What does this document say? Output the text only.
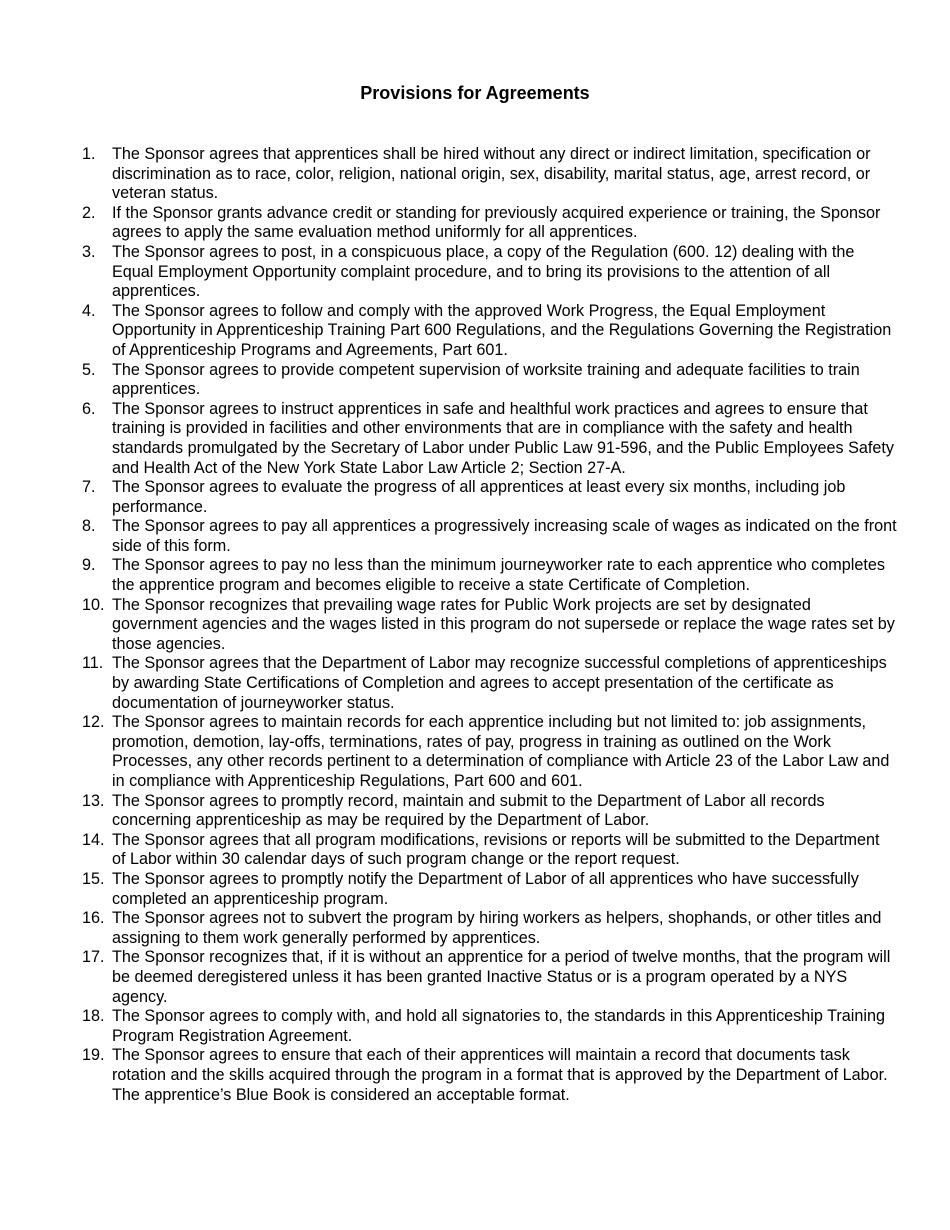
Provisions for Agreements
1.	The Sponsor agrees that apprentices shall be hired without any direct or indirect limitation, specification or discrimination as to race, color, religion, national origin, sex, disability, marital status, age, arrest record, or veteran status.
2.	If the Sponsor grants advance credit or standing for previously acquired experience or training, the Sponsor agrees to apply the same evaluation method uniformly for all apprentices.
3.	The Sponsor agrees to post, in a conspicuous place, a copy of the Regulation (600. 12) dealing with the Equal Employment Opportunity complaint procedure, and to bring its provisions to the attention of all apprentices.
4.	The Sponsor agrees to follow and comply with the approved Work Progress, the Equal Employment Opportunity in Apprenticeship Training Part 600 Regulations, and the Regulations Governing the Registration of Apprenticeship Programs and Agreements, Part 601.
5.	The Sponsor agrees to provide competent supervision of worksite training and adequate facilities to train apprentices.
6.	The Sponsor agrees to instruct apprentices in safe and healthful work practices and agrees to ensure that training is provided in facilities and other environments that are in compliance with the safety and health standards promulgated by the Secretary of Labor under Public Law 91-596, and the Public Employees Safety and Health Act of the New York State Labor Law Article 2; Section 27-A.
7.	The Sponsor agrees to evaluate the progress of all apprentices at least every six months, including job performance.
8.	The Sponsor agrees to pay all apprentices a progressively increasing scale of wages as indicated on the front side of this form.
9.	The Sponsor agrees to pay no less than the minimum journeyworker rate to each apprentice who completes the apprentice program and becomes eligible to receive a state Certificate of Completion.
10. The Sponsor recognizes that prevailing wage rates for Public Work projects are set by designated government agencies and the wages listed in this program do not supersede or replace the wage rates set by those agencies.
11. The Sponsor agrees that the Department of Labor may recognize successful completions of apprenticeships by awarding State Certifications of Completion and agrees to accept presentation of the certificate as documentation of journeyworker status.
12. The Sponsor agrees to maintain records for each apprentice including but not limited to: job assignments, promotion, demotion, lay-offs, terminations, rates of pay, progress in training as outlined on the Work Processes, any other records pertinent to a determination of compliance with Article 23 of the Labor Law and in compliance with Apprenticeship Regulations, Part 600 and 601.
13. The Sponsor agrees to promptly record, maintain and submit to the Department of Labor all records concerning apprenticeship as may be required by the Department of Labor.
14. The Sponsor agrees that all program modifications, revisions or reports will be submitted to the Department of Labor within 30 calendar days of such program change or the report request.
15. The Sponsor agrees to promptly notify the Department of Labor of all apprentices who have successfully completed an apprenticeship program.
16. The Sponsor agrees not to subvert the program by hiring workers as helpers, shophands, or other titles and assigning to them work generally performed by apprentices.
17. The Sponsor recognizes that, if it is without an apprentice for a period of twelve months, that the program will be deemed deregistered unless it has been granted Inactive Status or is a program operated by a NYS agency.
18. The Sponsor agrees to comply with, and hold all signatories to, the standards in this Apprenticeship Training Program Registration Agreement.
19. The Sponsor agrees to ensure that each of their apprentices will maintain a record that documents task rotation and the skills acquired through the program in a format that is approved by the Department of Labor. The apprentice’s Blue Book is considered an acceptable format.
